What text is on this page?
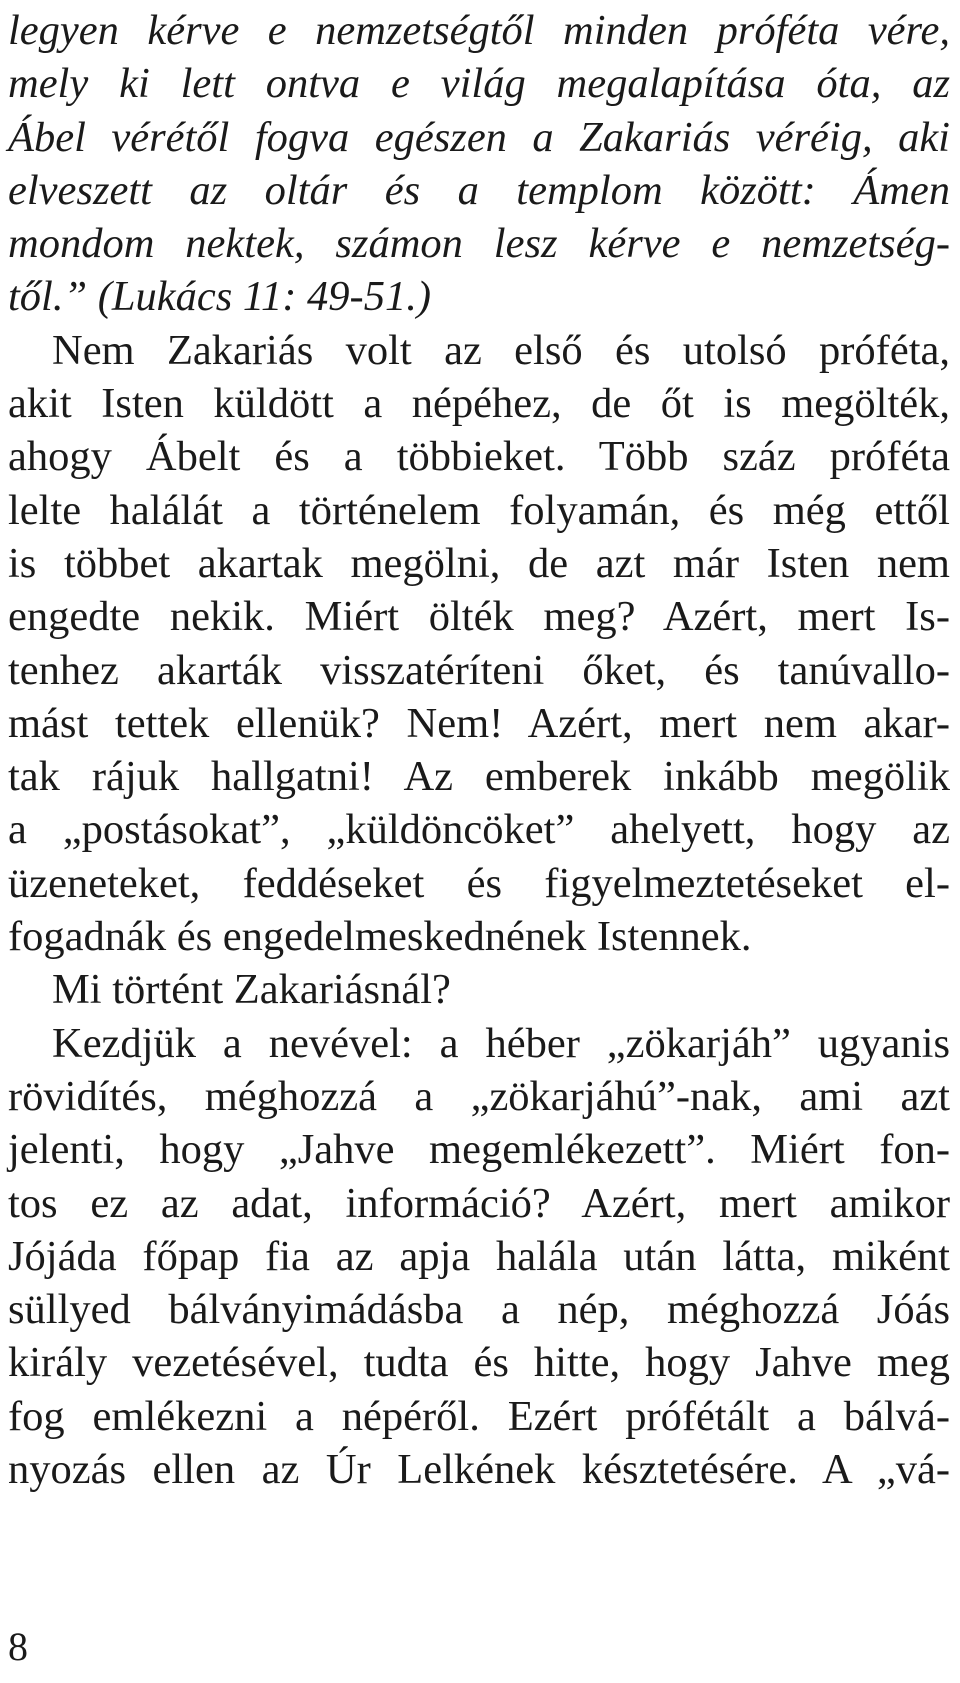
legyen kérve e nemzetségtől minden próféta vére,
mely ki lett ontva e világ megalapítása óta, az
Ábel vérétől fogva egészen a Zakariás véréig, aki
elveszett az oltár és a templom között: Ámen
mondom nektek, számon lesz kérve e nemzetség-
től.” (Lukács 11: 49-51.)
Nem Zakariás volt az első és utolsó próféta,
akit Isten küldött a népéhez, de őt is megölték,
ahogy Ábelt és a többieket. Több száz próféta
lelte halálát a történelem folyamán, és még ettől
is többet akartak megölni, de azt már Isten nem
engedte nekik. Miért ölték meg? Azért, mert Is-
tenhez akarták visszatéríteni őket, és tanúvallo-
mást tettek ellenük? Nem! Azért, mert nem akar-
tak rájuk hallgatni! Az emberek inkább megölik
a „postásokat”, „küldöncöket” ahelyett, hogy az
üzeneteket, feddéseket és figyelmeztetéseket el-
fogadnák és engedelmeskednének Istennek.
Mi történt Zakariásnál?
Kezdjük a nevével: a héber „zökarjáh” ugyanis
rövidítés, méghozzá a „zökarjáhú”-nak, ami azt
jelenti, hogy „Jahve megemlékezett”. Miért fon-
tos ez az adat, információ? Azért, mert amikor
Jójáda főpap fia az apja halála után látta, miként
süllyed bálványimádásba a nép, méghozzá Jóás
király vezetésével, tudta és hitte, hogy Jahve meg
fog emlékezni a népéről. Ezért prófétált a bálvá-
nyozás ellen az Úr Lelkének késztetésére. A „vá-
8
